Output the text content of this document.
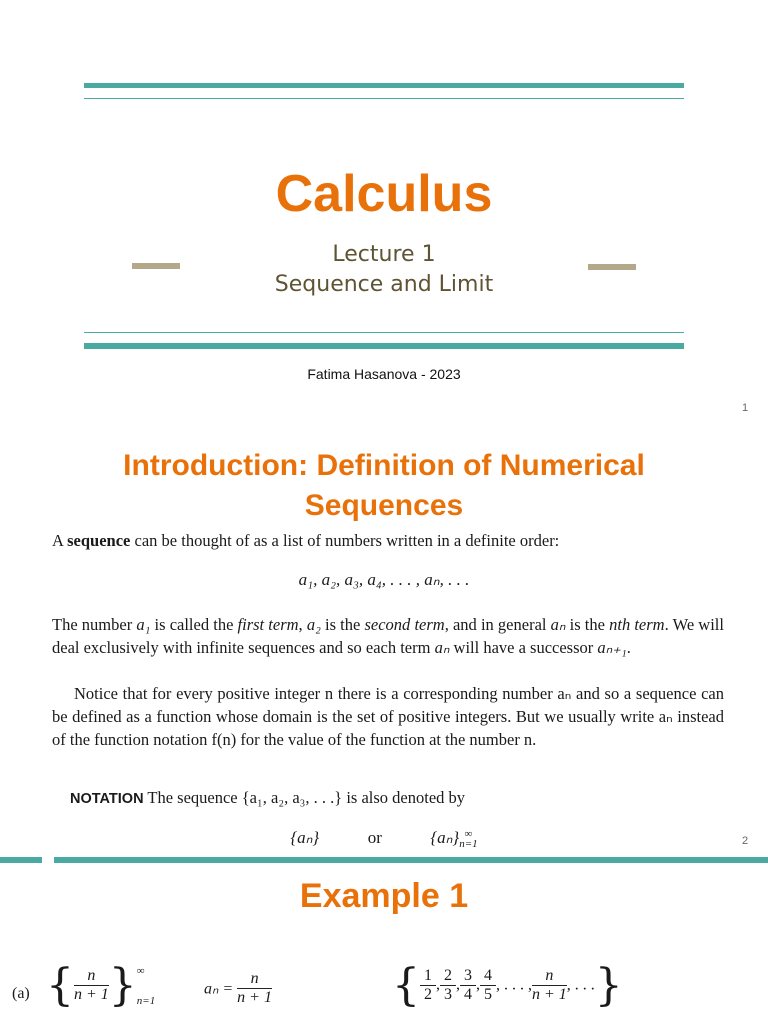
Calculus
Lecture 1
Sequence and Limit
Fatima Hasanova - 2023
1
Introduction: Definition of Numerical
Sequences
A sequence can be thought of as a list of numbers written in a definite order:
a₁, a₂, a₃, a₄, . . . , aₙ, . . .
The number a₁ is called the first term, a₂ is the second term, and in general aₙ is the nth term. We will deal exclusively with infinite sequences and so each term aₙ will have a successor aₙ₊₁.
Notice that for every positive integer n there is a corresponding number aₙ and so a sequence can be defined as a function whose domain is the set of positive integers. But we usually write aₙ instead of the function notation f(n) for the value of the function at the number n.
NOTATION The sequence {a₁, a₂, a₃, . . .} is also denoted by
{aₙ}	or	{aₙ} ∞
n=1	2
Example 1
(a) { $\frac{n}{n + 1}$ } ∞
n=1
$a_n = \frac{n}{n + 1}$	{ $\frac{1}{2}$ , $\frac{2}{3}$ , $\frac{3}{4}$ , $\frac{4}{5}$ , . . . , $\frac{n}{n + 1}$ , . . .}
